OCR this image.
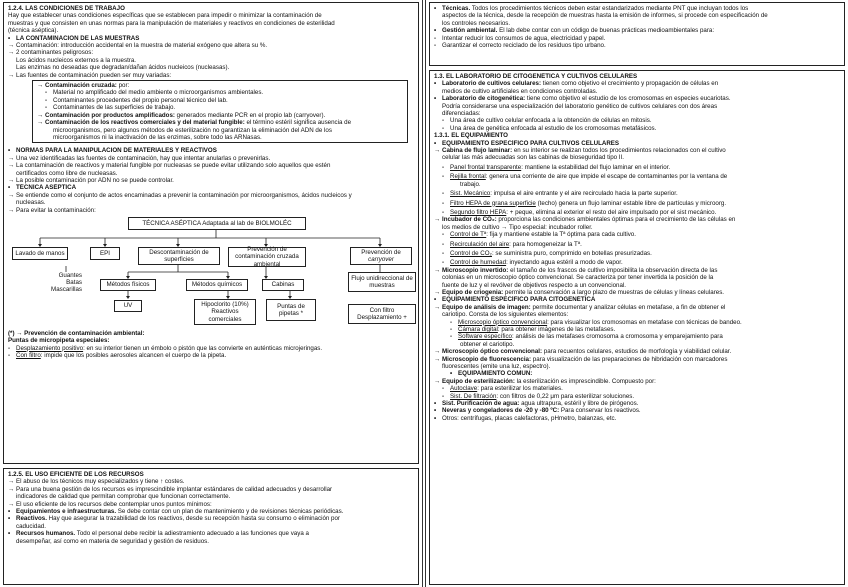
1.2.4. LAS CONDICIONES DE TRABAJO
Hay que establecer unas condiciones específicas que se establecen para impedir o minimizar la contaminación de
muestras y que consisten en unas normas para la manipulación de materiales y reactivos en condiciones de esterilidad
(técnica aséptica).
• LA CONTAMINACIÓN DE LAS MUESTRAS
→ Contaminación: introducción accidental en la muestra de material exógeno que altera su %.
→ 2 contaminantes peligrosos:
Los ácidos nucleicos externos a la muestra.
Las enzimas no deseadas que degradan/dañan ácidos nucleicos (nucleasas).
→ Las fuentes de contaminación pueden ser muy variadas:
→ Contaminación cruzada: por:
- Material no amplificado del medio ambiente o microorganismos ambientales.
- Contaminantes procedentes del propio personal técnico del lab.
- Contaminantes de las superficies de trabajo.
→ Contaminación por productos amplificados: generados mediante PCR en el propio lab (carryover).
→ Contaminación de los reactivos comerciales y del material fungible: el término estéril significa ausencia de
microorganismos, pero algunos métodos de esterilización no garantizan la eliminación del ADN de los
microorganismos ni la inactivación de las enzimas, sobre todo las ARNasas.
• NORMAS PARA LA MANIPULACIÓN DE MATERIALES Y REACTIVOS
→ Una vez identificadas las fuentes de contaminación, hay que intentar anularlas o prevenirlas.
→ La contaminación de reactivos y material fungible por nucleasas se puede evitar utilizando solo aquellos que estén
certificados como libre de nucleasas.
→ La posible contaminación por ADN no se puede controlar.
• TÉCNICA ASÉPTICA
→ Se entiende como el conjunto de actos encaminadas a prevenir la contaminación por microorganismos, ácidos nucleicos y
nucleasas.
→ Para evitar la contaminación:
TÉCNICA ASÉPTICA Adaptada al lab de BIOLMOLÉC
Lavado de manos	EPI	Descontaminación de superficies
Prevención de contaminación cruzada ambiental
Prevención de
carryover
Guantes
Batas
Mascarillas
Métodos físicos	Métodos químicos	Cabinas
Flujo unidireccional de muestras
UV	Hipoclorito (10%) Reactivos comerciales
Puntas de pipetas *	Con filtro Desplazamiento +
(*) → Prevención de contaminación ambiental:
Puntas de micropipeta especiales:
- Desplazamiento positivo: en su interior tienen un émbolo o pistón que las convierte en auténticas microjeringas.
- Con filtro: impide que los posibles aerosoles alcancen el cuerpo de la pipeta.
1.2.5. EL USO EFICIENTE DE LOS RECURSOS
→ El abuso de los técnicos muy especializados y tiene ↑ costes.
→ Para una buena gestión de los recursos es imprescindible implantar estándares de calidad adecuados y desarrollar
indicadores de calidad que permitan comprobar que funcionan correctamente.
→ El uso eficiente de los recursos debe contemplar unos puntos mínimos:
• Equipamientos e infraestructuras. Se debe contar con un plan de mantenimiento y de revisiones técnicas periódicas.
• Reactivos. Hay que asegurar la trazabilidad de los reactivos, desde su recepción hasta su consumo o eliminación por
caducidad.
• Recursos humanos. Todo el personal debe recibir la adiestramiento adecuado a las funciones que vaya a
desempeñar, así como en materia de seguridad y gestión de residuos.
• Técnicas. Todos los procedimientos técnicos deben estar estandarizados mediante PNT que incluyan todos los
aspectos de la técnica, desde la recepción de muestras hasta la emisión de informes, si procede con especificación de
los controles necesarios.
• Gestión ambiental. El lab debe contar con un código de buenas prácticas medioambientales para:
- Intentar reducir los consumos de agua, electricidad y papel.
- Garantizar el correcto reciclado de los residuos tipo urbano.
1.3. EL LABORATORIO DE CITOGENÉTICA Y CULTIVOS CELULARES
• Laboratorio de cultivos celulares: tienen como objetivo el crecimiento y propagación de células en
medios de cultivo artificiales en condiciones controladas.
• Laboratorio de citogenética: tiene como objetivo el estudio de los cromosomas en especies eucariotas.
Podría considerarse una especialización del laboratorio genético de cultivos celulares con dos áreas
diferenciadas:
- Una área de cultivo celular enfocada a la obtención de células en mitosis.
- Una área de genética enfocada al estudio de los cromosomas metafásicos.
1.3.1. EL EQUIPAMIENTO
• EQUIPAMIENTO ESPECÍFICO PARA CULTIVOS CELULARES
→ Cabina de flujo laminar: en su interior se realizan todos los procedimientos relacionados con el cultivo
celular las más adecuadas son las cabinas de bioseguridad tipo II.
- Panel frontal transparente: mantiene la estabilidad del flujo laminar en el interior.
- Rejilla frontal: genera una corriente de aire que impide el escape de contaminantes por la ventana de
trabajo.
- Sist. Mecánico: impulsa el aire entrante y el aire recirculado hacia la parte superior.
- Filtro HEPA de grana superficie (techo) genera un flujo laminar estable libre de partículas y microorg.
- Segundo filtro HEPA: + peque, elimina al exterior el resto del aire impulsado por el sist mecánico.
→ Incubador de CO₂: proporciona las condiciones ambientales óptimas para el crecimiento de las células en
los medios de cultivo → Tipo especial: incubador roller.
- Control de Tª: fija y mantiene estable la Tª óptima para cada cultivo.
- Recirculación del aire: para homogeneizar la Tª.
- Control de CO₂: se suministra puro, comprimido en botellas presurizadas.
- Control de humedad: inyectando agua estéril a modo de vapor.
→ Microscopio invertido: el tamaño de los frascos de cultivo imposibilita la observación directa de las
colonias en un microscopio óptico convencional. Se caracteriza por tener invertida la posición de la
fuente de luz y el revólver de objetivos respecto a un convencional.
→ Equipo de criogenia: permite la conservación a largo plazo de muestras de células y líneas celulares.
• EQUIPAMIENTO ESPECÍFICO PARA CITOGENÉTICA
→ Equipo de análisis de imagen: permite documentar y analizar células en metafase, a fin de obtener el
cariotipo. Consta de los siguientes elementos:
- Microscopio óptico convencional: para visualizar los cromosomas en metafase con técnicas de bandeo.
- Cámara digital: para obtener imágenes de las metafases.
- Software específico: análisis de las metafases cromosoma a cromosoma y emparejamiento para
obtener el cariotipo.
→ Microscopio óptico convencional: para recuentos celulares, estudios de morfología y viabilidad celular.
→ Microscopio de fluorescencia: para visualización de las preparaciones de hibridación con marcadores
fluorescentes (emite una luz, espectro).
• EQUIPAMIENTO COMÚN:
→ Equipo de esterilización: la esterilización es imprescindible. Compuesto por:
- Autoclave: para esterilizar los materiales.
- Sist. De filtración: con filtros de 0,22 μm para esterilizar soluciones.
• Sist. Purificación de agua: agua ultrapura, estéril y libre de pirógenos.
• Neveras y congeladores de -20 y -80 ºC: Para conservar los reactivos.
• Otros: centrífugas, placas calefactoras, pHmetro, balanzas, etc.
